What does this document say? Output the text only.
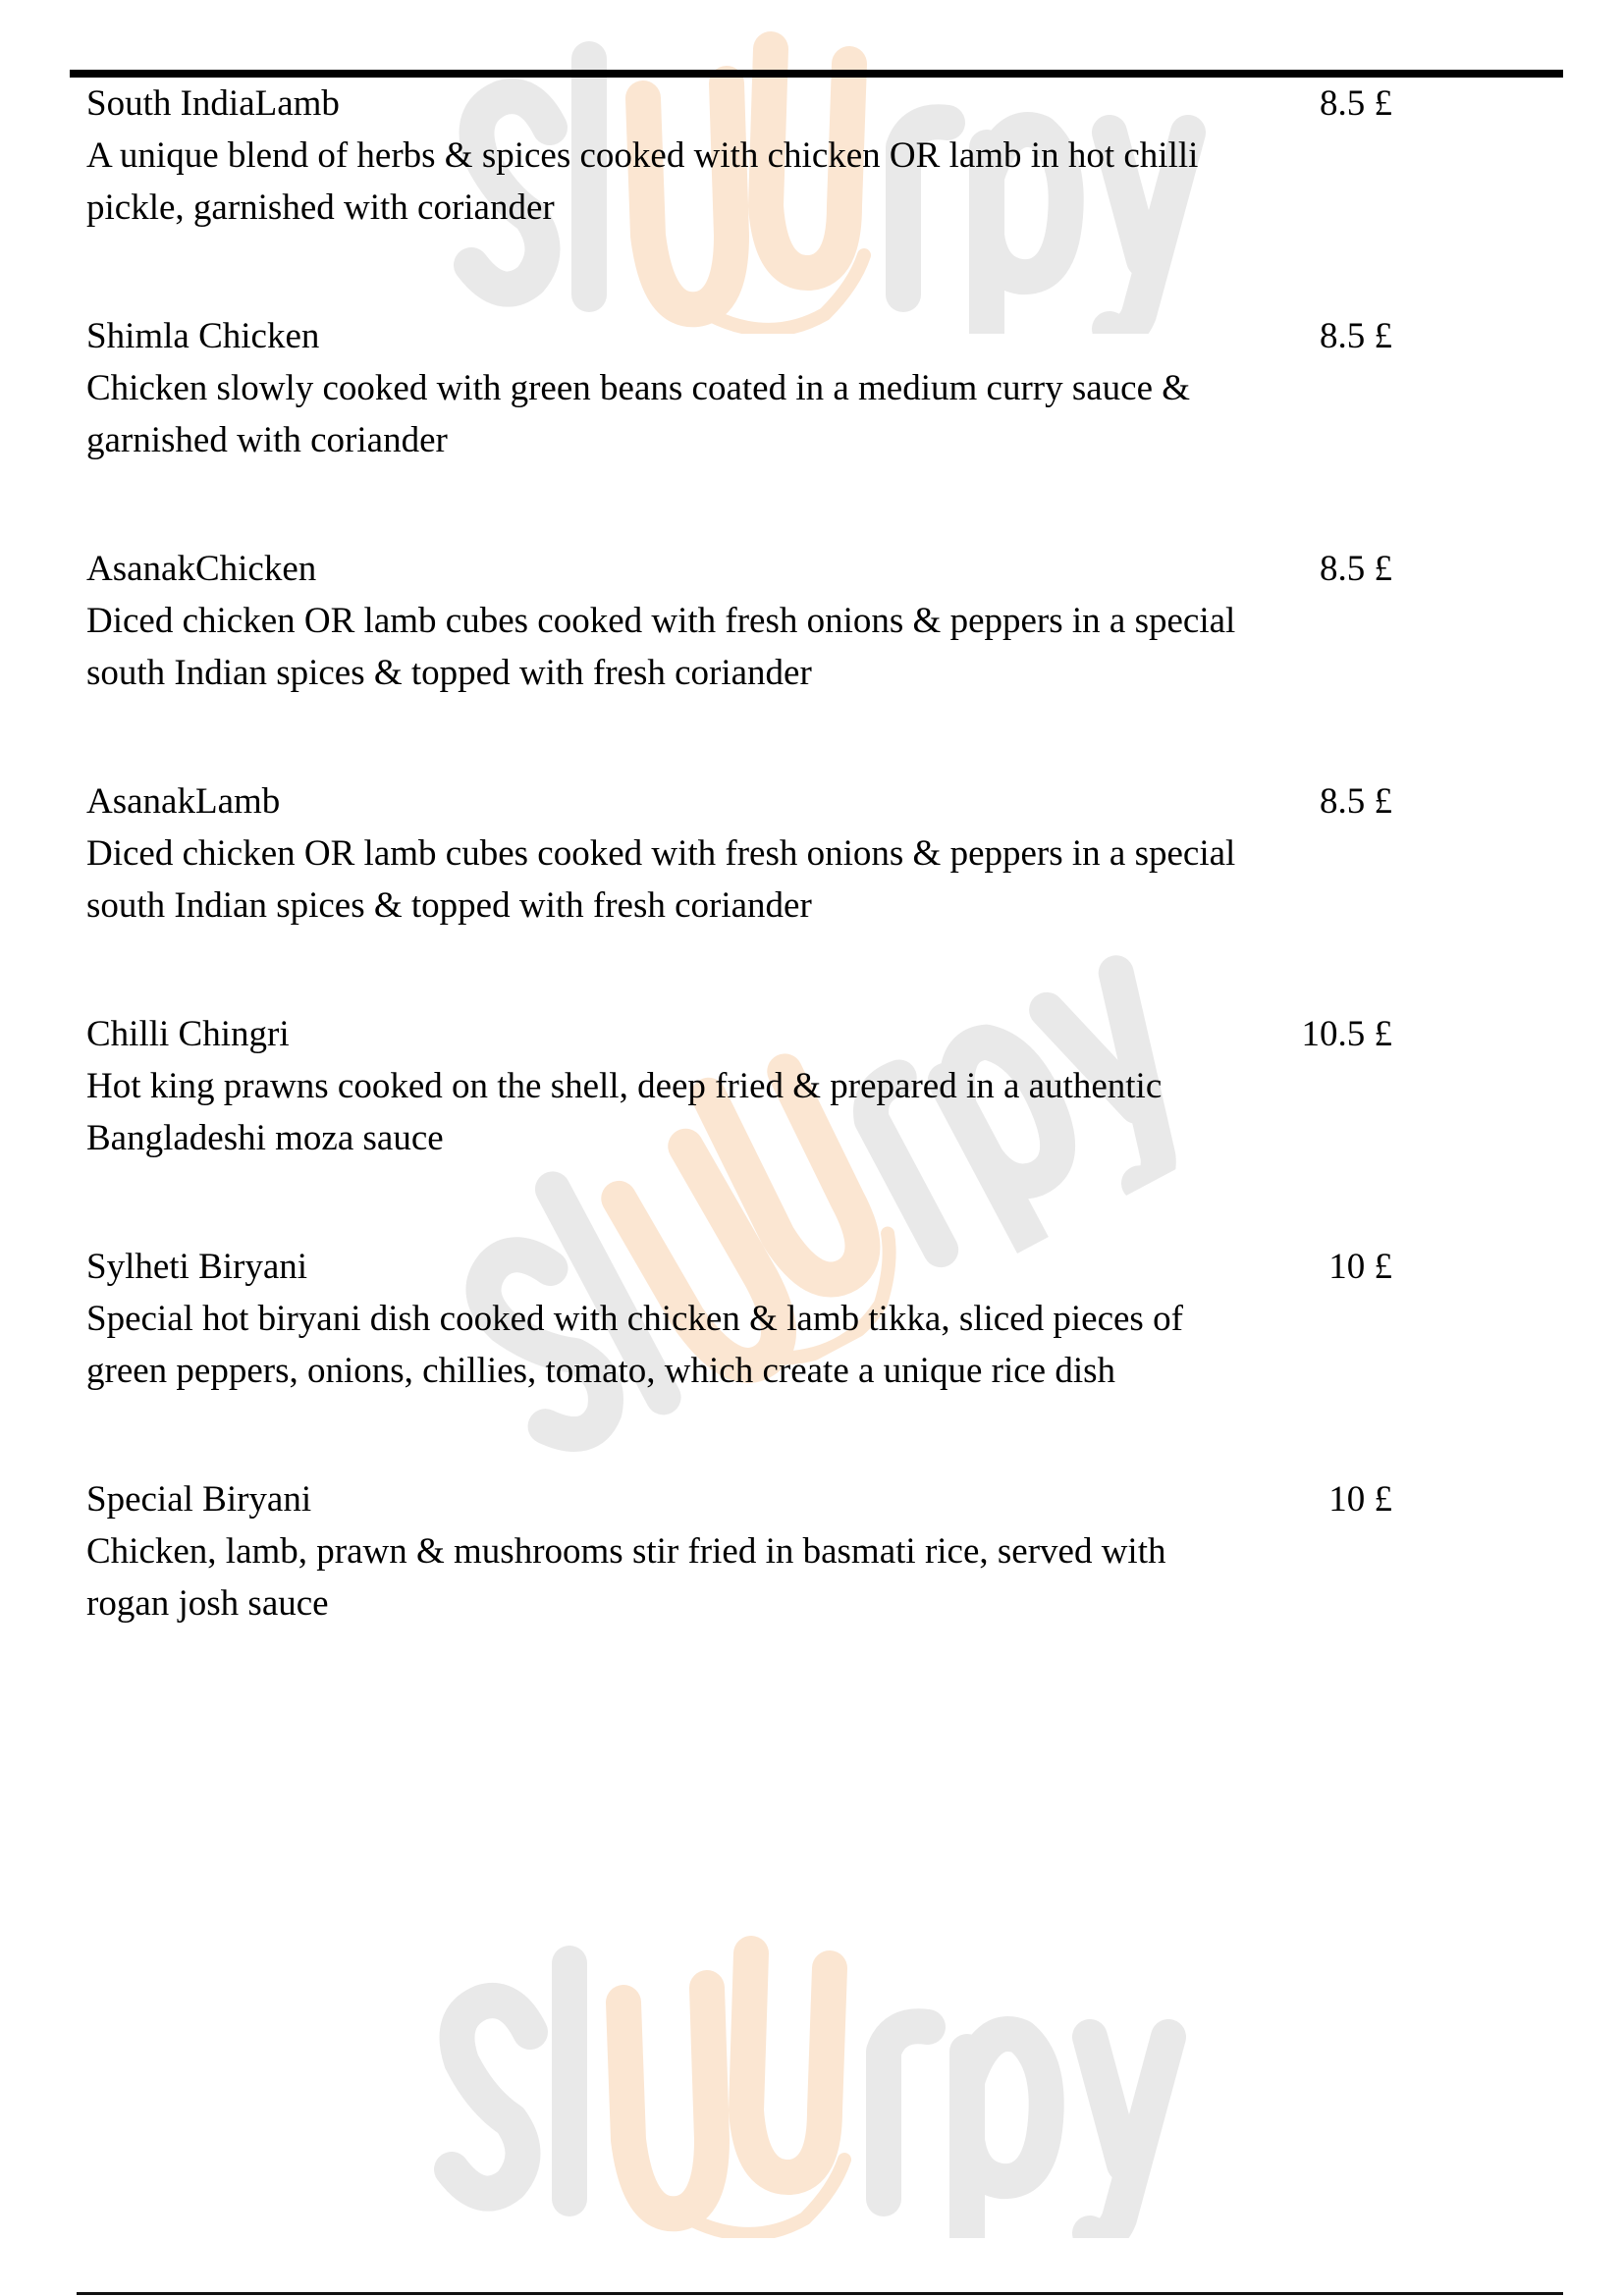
South IndiaLamb
A unique blend of herbs & spices cooked with chicken OR lamb in hot chilli pickle, garnished with coriander
8.5 £
Shimla Chicken
Chicken slowly cooked with green beans coated in a medium curry sauce & garnished with coriander
8.5 £
AsanakChicken
Diced chicken OR lamb cubes cooked with fresh onions & peppers in a special south Indian spices & topped with fresh coriander
8.5 £
AsanakLamb
Diced chicken OR lamb cubes cooked with fresh onions & peppers in a special south Indian spices & topped with fresh coriander
8.5 £
Chilli Chingri
Hot king prawns cooked on the shell, deep fried & prepared in a authentic Bangladeshi moza sauce
10.5 £
Sylheti Biryani
Special hot biryani dish cooked with chicken & lamb tikka, sliced pieces of green peppers, onions, chillies, tomato, which create a unique rice dish
10 £
Special Biryani
Chicken, lamb, prawn & mushrooms stir fried in basmati rice, served with rogan josh sauce
10 £
